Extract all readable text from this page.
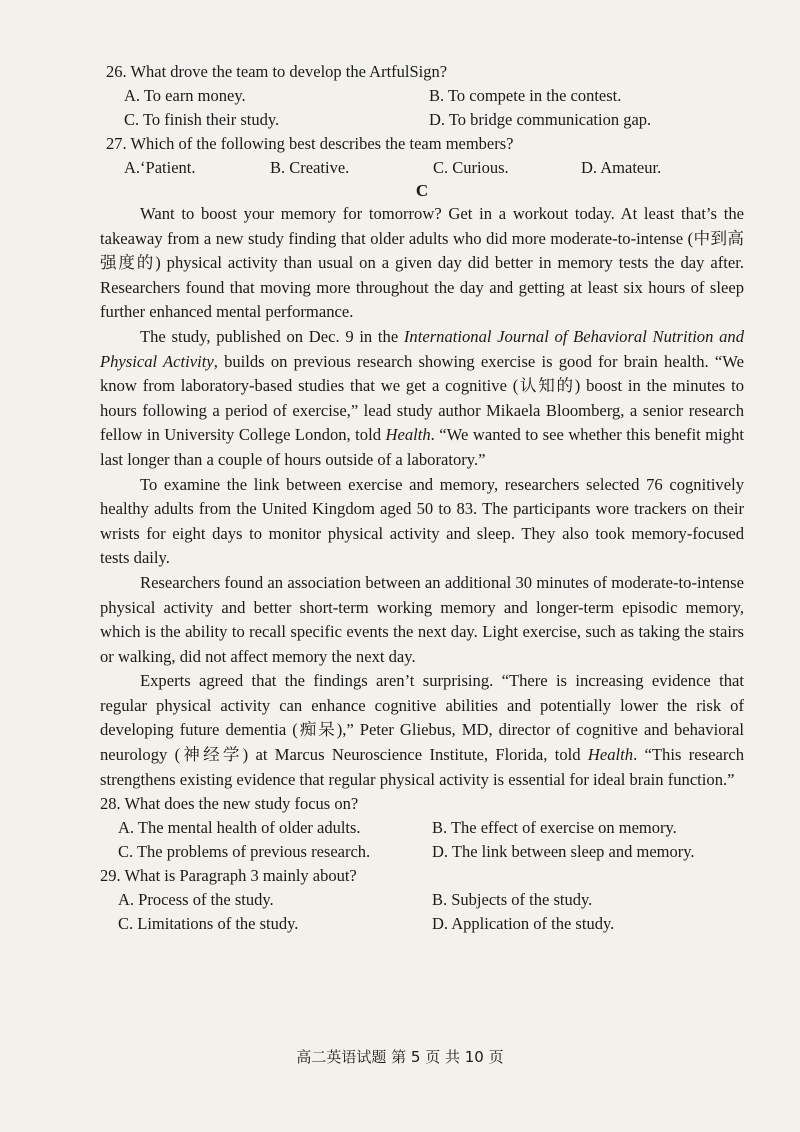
26. What drove the team to develop the ArtfulSign?

A. To earn money.	B. To compete in the contest.
C. To finish their study.	D. To bridge communication gap.

27. Which of the following best describes the team members?

A.ʻPatient.	B. Creative.	C. Curious.	D. Amateur.

C

Want to boost your memory for tomorrow? Get in a workout today. At least that’s the takeaway from a new study finding that older adults who did more moderate-to-intense (中到高强度的) physical activity than usual on a given day did better in memory tests the day after. Researchers found that moving more throughout the day and getting at least six hours of sleep further enhanced mental performance.

The study, published on Dec. 9 in the International Journal of Behavioral Nutrition and Physical Activity, builds on previous research showing exercise is good for brain health. “We know from laboratory-based studies that we get a cognitive (认知的) boost in the minutes to hours following a period of exercise,” lead study author Mikaela Bloomberg, a senior research fellow in University College London, told Health. “We wanted to see whether this benefit might last longer than a couple of hours outside of a laboratory.”

To examine the link between exercise and memory, researchers selected 76 cognitively healthy adults from the United Kingdom aged 50 to 83. The participants wore trackers on their wrists for eight days to monitor physical activity and sleep. They also took memory-focused tests daily.

Researchers found an association between an additional 30 minutes of moderate-to-intense physical activity and better short-term working memory and longer-term episodic memory, which is the ability to recall specific events the next day. Light exercise, such as taking the stairs or walking, did not affect memory the next day.

Experts agreed that the findings aren’t surprising. “There is increasing evidence that regular physical activity can enhance cognitive abilities and potentially lower the risk of developing future dementia (痴呆),” Peter Gliebus, MD, director of cognitive and behavioral neurology (神经学) at Marcus Neuroscience Institute, Florida, told Health. “This research strengthens existing evidence that regular physical activity is essential for ideal brain function.”

28. What does the new study focus on?

A. The mental health of older adults.	B. The effect of exercise on memory.
C. The problems of previous research.	D. The link between sleep and memory.

29. What is Paragraph 3 mainly about?

A. Process of the study.	B. Subjects of the study.
C. Limitations of the study.	D. Application of the study.
高二英语试题 第 5 页 共 10 页
